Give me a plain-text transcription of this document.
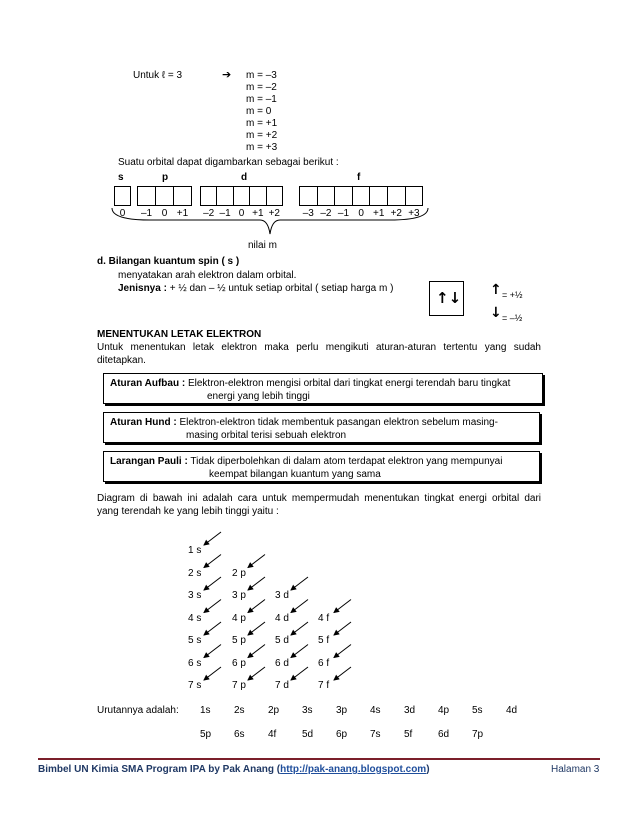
Untuk ℓ = 3	➔ m = –3
m = –2
m = –1
m = 0
m = +1
m = +2
m = +3
Suatu orbital dapat digambarkan sebagai berikut :
s	p	d	f
0	–1 0 +1	–2 –1 0 +1 +2	–3 –2 –1 0 +1 +2 +3
nilai m
d. Bilangan kuantum spin ( s )
menyatakan arah elektron dalam orbital.
Jenisnya : + ½ dan – ½ untuk setiap orbital ( setiap harga m )
↑↓ ↑ = +½
↓ = –½
MENENTUKAN LETAK ELEKTRON
Untuk menentukan letak elektron maka perlu mengikuti aturan-aturan tertentu yang sudah
ditetapkan.
Aturan Aufbau : Elektron-elektron mengisi orbital dari tingkat energi terendah baru tingkat
energi yang lebih tinggi
Aturan Hund : Elektron-elektron tidak membentuk pasangan elektron sebelum masing-
masing orbital terisi sebuah elektron
Larangan Pauli : Tidak diperbolehkan di dalam atom terdapat elektron yang mempunyai
keempat bilangan kuantum yang sama
Diagram di bawah ini adalah cara untuk mempermudah menentukan tingkat energi orbital dari
yang terendah ke yang lebih tinggi yaitu :
1 s
2 s	2 p
3 s	3 p	3 d
4 s	4 p	4 d	4 f
5 s	5 p	5 d	5 f
6 s	6 p	6 d	6 f
7 s	7 p	7 d	7 f
Urutannya adalah: 1s 2s 2p 3s 3p 4s 3d 4p 5s 4d
5p 6s 4f	5d 6p 7s 5f	6d 7p
Bimbel UN Kimia SMA Program IPA by Pak Anang (http://pak-anang.blogspot.com)	Halaman 3
